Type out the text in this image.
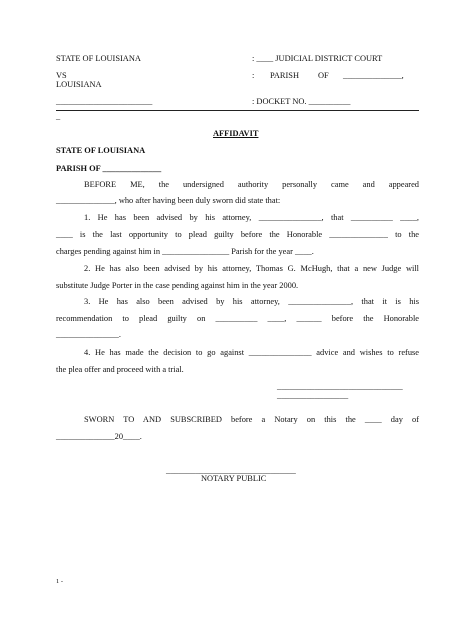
STATE OF LOUISIANA	: ____ JUDICIAL DISTRICT COURT
VS	: PARISH OF ______________,
LOUISIANA
_______________________	: DOCKET NO. __________
_
AFFIDAVIT
STATE OF LOUISIANA
PARISH OF ______________
BEFORE ME, the undersigned authority personally came and appeared
______________, who after having been duly sworn did state that:
1. He has been advised by his attorney, _______________, that __________ ____,
____ is the last opportunity to plead guilty before the Honorable ______________ to the
charges pending against him in ________________ Parish for the year ____.
2. He has also been advised by his attorney, Thomas G. McHugh, that a new Judge will
substitute Judge Porter in the case pending against him in the year 2000.
3. He has also been advised by his attorney, _______________, that it is his
recommendation to plead guilty on __________ ____, ______ before the Honorable
_______________.
4. He has made the decision to go against _______________ advice and wishes to refuse
the plea offer and proceed with a trial.
______________________________
_________________
SWORN TO AND SUBSCRIBED before a Notary on this the ____ day of
______________20____.
_______________________________
NOTARY PUBLIC
1 -
